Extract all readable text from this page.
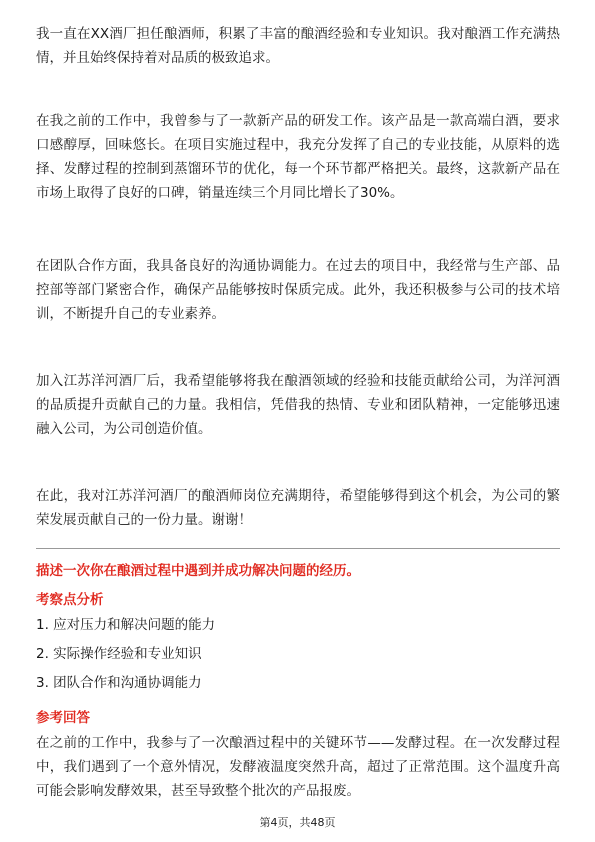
我一直在XX酒厂担任酿酒师，积累了丰富的酿酒经验和专业知识。我对酿酒工作充满热情，并且始终保持着对品质的极致追求。

在我之前的工作中，我曾参与了一款新产品的研发工作。该产品是一款高端白酒，要求口感醇厚，回味悠长。在项目实施过程中，我充分发挥了自己的专业技能，从原料的选择、发酵过程的控制到蒸馏环节的优化，每一个环节都严格把关。最终，这款新产品在市场上取得了良好的口碑，销量连续三个月同比增长了30%。

在团队合作方面，我具备良好的沟通协调能力。在过去的项目中，我经常与生产部、品控部等部门紧密合作，确保产品能够按时保质完成。此外，我还积极参与公司的技术培训，不断提升自己的专业素养。

加入江苏洋河酒厂后，我希望能够将我在酿酒领域的经验和技能贡献给公司，为洋河酒的品质提升贡献自己的力量。我相信，凭借我的热情、专业和团队精神，一定能够迅速融入公司，为公司创造价值。

在此，我对江苏洋河酒厂的酿酒师岗位充满期待，希望能够得到这个机会，为公司的繁荣发展贡献自己的一份力量。谢谢！

描述一次你在酿酒过程中遇到并成功解决问题的经历。
考察点分析
1. 应对压力和解决问题的能力
2. 实际操作经验和专业知识
3. 团队合作和沟通协调能力
参考回答

在之前的工作中，我参与了一次酿酒过程中的关键环节——发酵过程。在一次发酵过程中，我们遇到了一个意外情况，发酵液温度突然升高，超过了正常范围。这个温度升高可能会影响发酵效果，甚至导致整个批次的产品报废。

第4页，共48页
